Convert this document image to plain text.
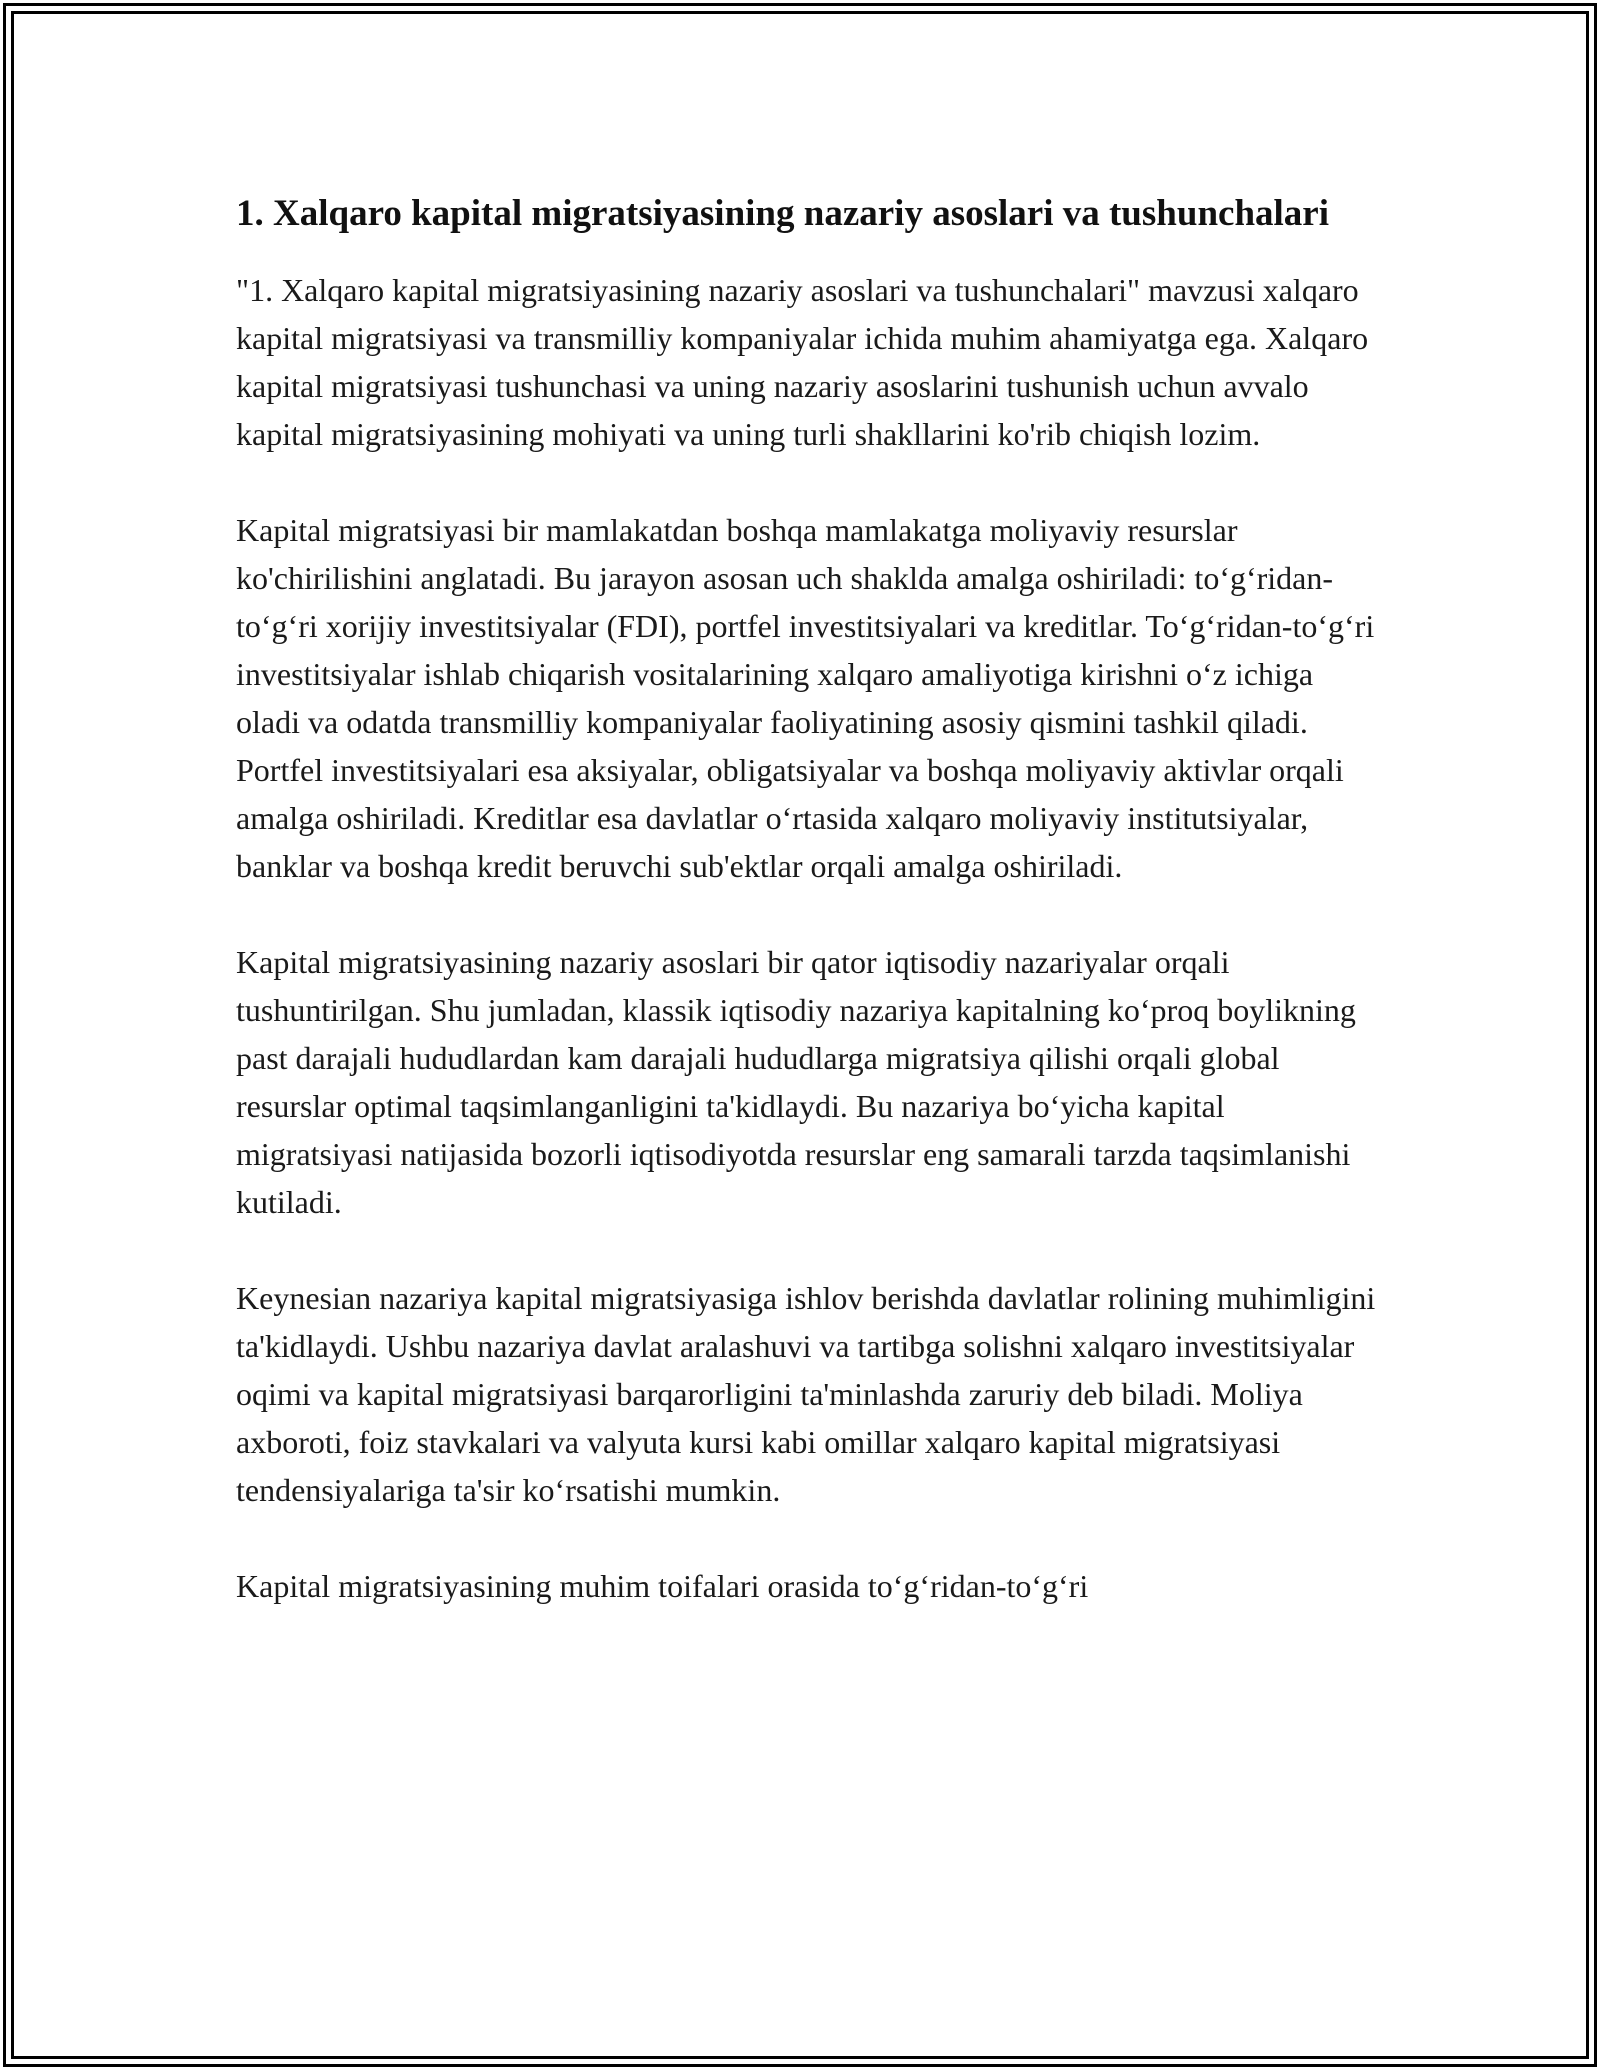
1. Xalqaro kapital migratsiyasining nazariy asoslari va tushunchalari

"1. Xalqaro kapital migratsiyasining nazariy asoslari va tushunchalari" mavzusi xalqaro kapital migratsiyasi va transmilliy kompaniyalar ichida muhim ahamiyatga ega. Xalqaro kapital migratsiyasi tushunchasi va uning nazariy asoslarini tushunish uchun avvalo kapital migratsiyasining mohiyati va uning turli shakllarini ko'rib chiqish lozim.

Kapital migratsiyasi bir mamlakatdan boshqa mamlakatga moliyaviy resurslar ko'chirilishini anglatadi. Bu jarayon asosan uch shaklda amalga oshiriladi: to‘g‘ridan-to‘g‘ri xorijiy investitsiyalar (FDI), portfel investitsiyalari va kreditlar. To‘g‘ridan-to‘g‘ri investitsiyalar ishlab chiqarish vositalarining xalqaro amaliyotiga kirishni o‘z ichiga oladi va odatda transmilliy kompaniyalar faoliyatining asosiy qismini tashkil qiladi. Portfel investitsiyalari esa aksiyalar, obligatsiyalar va boshqa moliyaviy aktivlar orqali amalga oshiriladi. Kreditlar esa davlatlar o‘rtasida xalqaro moliyaviy institutsiyalar, banklar va boshqa kredit beruvchi sub'ektlar orqali amalga oshiriladi.

Kapital migratsiyasining nazariy asoslari bir qator iqtisodiy nazariyalar orqali tushuntirilgan. Shu jumladan, klassik iqtisodiy nazariya kapitalning ko‘proq boylikning past darajali hududlardan kam darajali hududlarga migratsiya qilishi orqali global resurslar optimal taqsimlanganligini ta'kidlaydi. Bu nazariya bo‘yicha kapital migratsiyasi natijasida bozorli iqtisodiyotda resurslar eng samarali tarzda taqsimlanishi kutiladi.

Keynesian nazariya kapital migratsiyasiga ishlov berishda davlatlar rolining muhimligini ta'kidlaydi. Ushbu nazariya davlat aralashuvi va tartibga solishni xalqaro investitsiyalar oqimi va kapital migratsiyasi barqarorligini ta'minlashda zaruriy deb biladi. Moliya axboroti, foiz stavkalari va valyuta kursi kabi omillar xalqaro kapital migratsiyasi tendensiyalariga ta'sir ko‘rsatishi mumkin.

Kapital migratsiyasining muhim toifalari orasida to‘g‘ridan-to‘g‘ri
